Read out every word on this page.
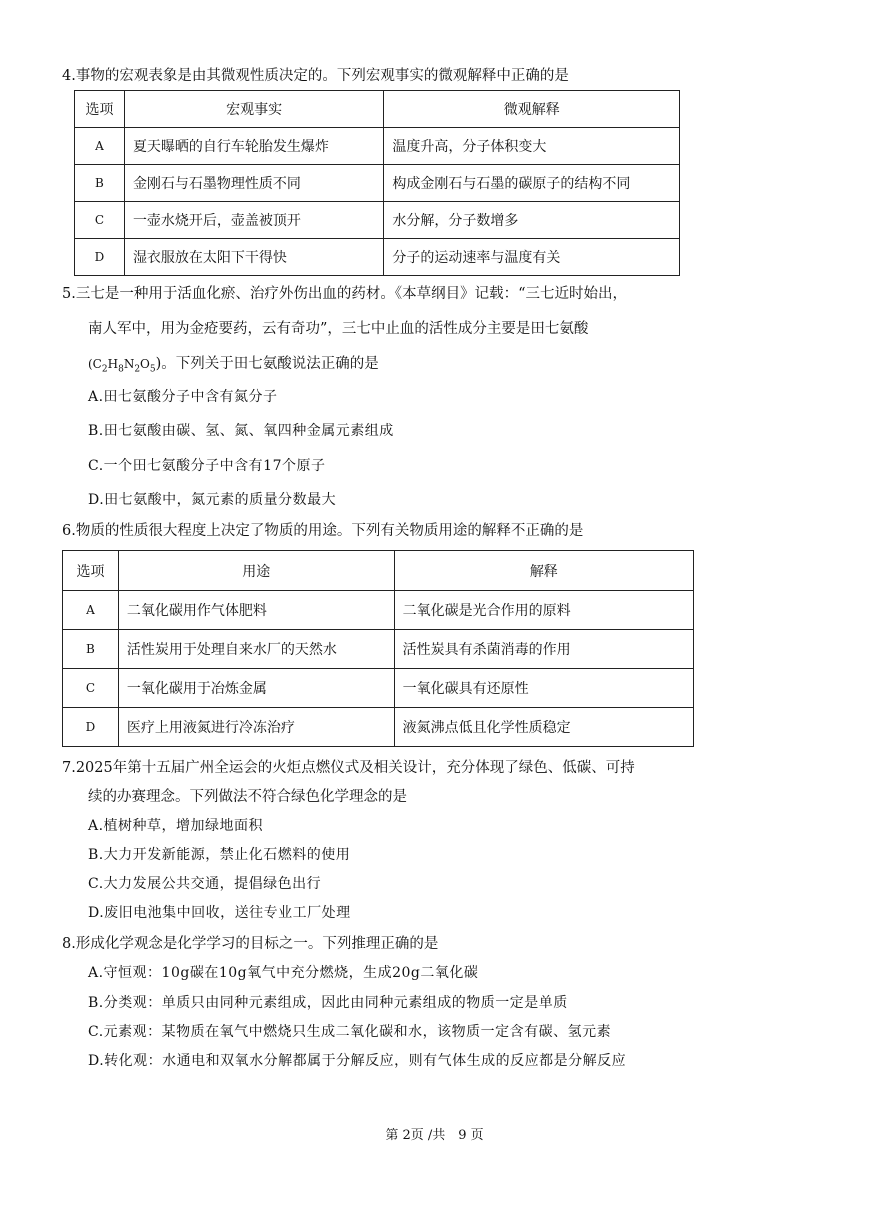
4.事物的宏观表象是由其微观性质决定的。下列宏观事实的微观解释中正确的是
选项	宏观事实	微观解释
A	夏天曝晒的自行车轮胎发生爆炸	温度升高，分子体积变大
B	金刚石与石墨物理性质不同	构成金刚石与石墨的碳原子的结构不同
C	一壶水烧开后，壶盖被顶开	水分解，分子数增多
D	湿衣服放在太阳下干得快	分子的运动速率与温度有关
5.三七是一种用于活血化瘀、治疗外伤出血的药材。《本草纲目》记载：“三七近时始出，
南人军中，用为金疮要药，云有奇功”，三七中止血的活性成分主要是田七氨酸
$(C_2H_8N_2O_5)$。下列关于田七氨酸说法正确的是
A.田七氨酸分子中含有氮分子
B.田七氨酸由碳、氢、氮、氧四种金属元素组成
C.一个田七氨酸分子中含有17个原子
D.田七氨酸中，氮元素的质量分数最大
6.物质的性质很大程度上决定了物质的用途。下列有关物质用途的解释不正确的是
选项	用途	解释
A	二氧化碳用作气体肥料	二氧化碳是光合作用的原料
B	活性炭用于处理自来水厂的天然水	活性炭具有杀菌消毒的作用
C	一氧化碳用于冶炼金属	一氧化碳具有还原性
D	医疗上用液氮进行冷冻治疗	液氮沸点低且化学性质稳定
7.2025年第十五届广州全运会的火炬点燃仪式及相关设计，充分体现了绿色、低碳、可持
续的办赛理念。下列做法不符合绿色化学理念的是
A.植树种草，增加绿地面积
B.大力开发新能源，禁止化石燃料的使用
C.大力发展公共交通，提倡绿色出行
D.废旧电池集中回收，送往专业工厂处理
8.形成化学观念是化学学习的目标之一。下列推理正确的是
A.守恒观：10g碳在10g氧气中充分燃烧，生成20g二氧化碳
B.分类观：单质只由同种元素组成，因此由同种元素组成的物质一定是单质
C.元素观：某物质在氧气中燃烧只生成二氧化碳和水，该物质一定含有碳、氢元素
D.转化观：水通电和双氧水分解都属于分解反应，则有气体生成的反应都是分解反应
第 2页 /共　9 页
